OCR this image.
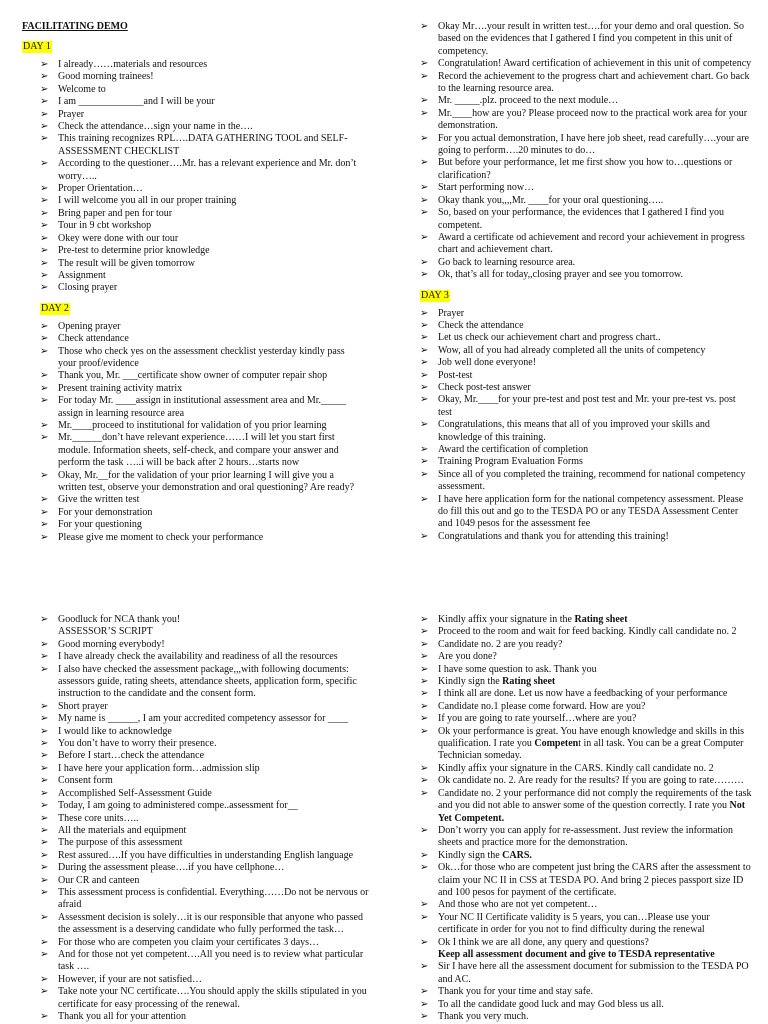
FACILITATING DEMO
DAY 1
➢ I already……materials and resources
➢ Good morning trainees!
➢ Welcome to
➢ I am _____________and I will be your
➢ Prayer
➢ Check the attendance…sign your name in the….
➢ This training recognizes RPL….DATA GATHERING TOOL and SELF-ASSESSMENT CHECKLIST
➢ According to the questioner….Mr. has a relevant experience and Mr. don’t worry…..
➢ Proper Orientation…
➢ I will welcome you all in our proper training
➢ Bring paper and pen for tour
➢ Tour in 9 cbt workshop
➢ Okey were done with our tour
➢ Pre-test to determine prior knowledge
➢ The result will be given tomorrow
➢ Assignment
➢ Closing prayer
DAY 2
➢ Opening prayer
➢ Check attendance
➢ Those who check yes on the assessment checklist yesterday kindly pass your proof/evidence
➢ Thank you, Mr. ___certificate show owner of computer repair shop
➢ Present training activity matrix
➢ For today Mr. ____assign in institutional assessment area and Mr._____ assign in learning resource area
➢ Mr.____proceed to institutional for validation of you prior learning
➢ Mr.______don’t have relevant experience……I will let you start first module. Information sheets, self-check, and compare your answer and perform the task …..i will be back after 2 hours…starts now
➢ Okay, Mr.__for the validation of your prior learning I will give you a written test, observe your demonstration and oral questioning? Are ready?
➢ Give the written test
➢ For your demonstration
➢ For your questioning
➢ Please give me moment to check your performance
➢ Okay Mr….your result in written test….for your demo and oral question. So based on the evidences that I gathered I find you competent in this unit of competency.
➢ Congratulation! Award certification of achievement in this unit of competency
➢ Record the achievement to the progress chart and achievement chart. Go back to the learning resource area.
➢ Mr. _____.plz. proceed to the next module…
➢ Mr.____how are you? Please proceed now to the practical work area for your demonstration.
➢ For you actual demonstration, I have here job sheet, read carefully….your are going to perform….20 minutes to do…
➢ But before your performance, let me first show you how to…questions or clarification?
➢ Start performing now…
➢ Okay thank you,,,,Mr. ____for your oral questioning…..
➢ So, based on your performance, the evidences that I gathered I find you competent.
➢ Award a certificate od achievement and record your achievement in progress chart and achievement chart.
➢ Go back to learning resource area.
➢ Ok, that’s all for today,,closing prayer and see you tomorrow.
DAY 3
➢ Prayer
➢ Check the attendance
➢ Let us check our achievement chart and progress chart..
➢ Wow, all of you had already completed all the units of competency
➢ Job well done everyone!
➢ Post-test
➢ Check post-test answer
➢ Okay, Mr.____for your pre-test and post test and Mr. your pre-test vs. post test
➢ Congratulations, this means that all of you improved your skills and knowledge of this training.
➢ Award the certification of completion
➢ Training Program Evaluation Forms
➢ Since all of you completed the training, recommend for national competency assessment.
➢ I have here application form for the national competency assessment. Please do fill this out and go to the TESDA PO or any TESDA Assessment Center and 1049 pesos for the assessment fee
➢ Congratulations and thank you for attending this training!
➢ Goodluck for NCA thank you!
ASSESSOR’S SCRIPT
➢ Good morning everybody!
➢ I have already check the availability and readiness of all the resources
➢ I also have checked the assessment package,,,with following documents: assessors guide, rating sheets, attendance sheets, application form, specific instruction to the candidate and the consent form.
➢ Short prayer
➢ My name is ______, I am your accredited competency assessor for ____
➢ I would like to acknowledge
➢ You don’t have to worry their presence.
➢ Before I start…check the attendance
➢ I have here your application form…admission slip
➢ Consent form
➢ Accomplished Self-Assessment Guide
➢ Today, I am going to administered compe..assessment for__
➢ These core units…..
➢ All the materials and equipment
➢ The purpose of this assessment
➢ Rest assured….If you have difficulties in understanding English language
➢ During the assessment please….if you have cellphone…
➢ Our CR and canteen
➢ This assessment process is confidential. Everything……Do not be nervous or afraid
➢ Assessment decision is solely…it is our responsible that anyone who passed the assessment is a deserving candidate who fully performed the task…
➢ For those who are competen you claim your certificates 3 days…
➢ And for those not yet competent….All you need is to review what particular task ….
➢ However, if your are not satisfied…
➢ Take note your NC certificate….You should apply the skills stipulated in you certificate for easy processing of the renewal.
➢ Thank you all for your attention
➢ Kindly affix your signature in the Rating sheet
➢ Proceed to the room and wait for feed backing. Kindly call candidate no. 2
➢ Candidate no. 2 are you ready?
➢ Are you done?
➢ I have some question to ask. Thank you
➢ Kindly sign the Rating sheet
➢ I think all are done. Let us now have a feedbacking of your performance
➢ Candidate no.1 please come forward. How are you?
➢ If you are going to rate yourself…where are you?
➢ Ok your performance is great. You have enough knowledge and skills in this qualification. I rate you Competent in all task. You can be a great Computer Technician someday.
➢ Kindly affix your signature in the CARS. Kindly call candidate no. 2
➢ Ok candidate no. 2. Are ready for the results? If you are going to rate………
➢ Candidate no. 2 your performance did not comply the requirements of the task and you did not able to answer some of the question correctly. I rate you Not Yet Competent.
➢ Don’t worry you can apply for re-assessment. Just review the information sheets and practice more for the demonstration.
➢ Kindly sign the CARS.
➢ Ok…for those who are competent just bring the CARS after the assessment to claim your NC II in CSS at TESDA PO. And bring 2 pieces passport size ID and 100 pesos for payment of the certificate.
➢ And those who are not yet competent…
➢ Your NC II Certificate validity is 5 years, you can…Please use your certificate in order for you not to find difficulty during the renewal
➢ Ok I think we are all done, any query and questions?
Keep all assessment document and give to TESDA representative
➢ Sir I have here all the assessment document for submission to the TESDA PO and AC.
➢ Thank you for your time and stay safe.
➢ To all the candidate good luck and may God bless us all.
➢ Thank you very much.
